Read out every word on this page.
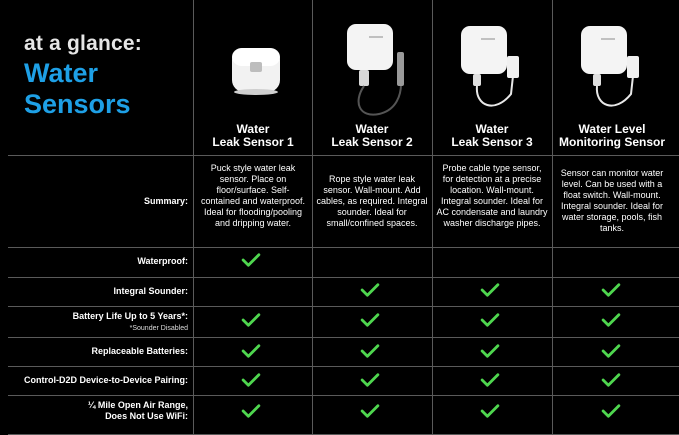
at a glance:
Water
Sensors
Water
Leak Sensor 1
Water
Leak Sensor 2
Water
Leak Sensor 3
Water Level
Monitoring Sensor
Summary:
Waterproof:
Integral Sounder:
Battery Life Up to 5 Years*:
*Sounder Disabled
Replaceable Batteries:
Control-D2D Device-to-Device Pairing:
¼ Mile Open Air Range,
Does Not Use WiFi:
Puck style water leak sensor. Place on floor/surface. Self-contained and waterproof. Ideal for flooding/pooling and dripping water.
Rope style water leak sensor. Wall-mount. Add cables, as required. Integral sounder. Ideal for small/confined spaces.
Probe cable type sensor, for detection at a precise location. Wall-mount. Integral sounder. Ideal for AC condensate and laundry washer discharge pipes.
Sensor can monitor water level. Can be used with a float switch. Wall-mount. Integral sounder. Ideal for water storage, pools, fish tanks.
